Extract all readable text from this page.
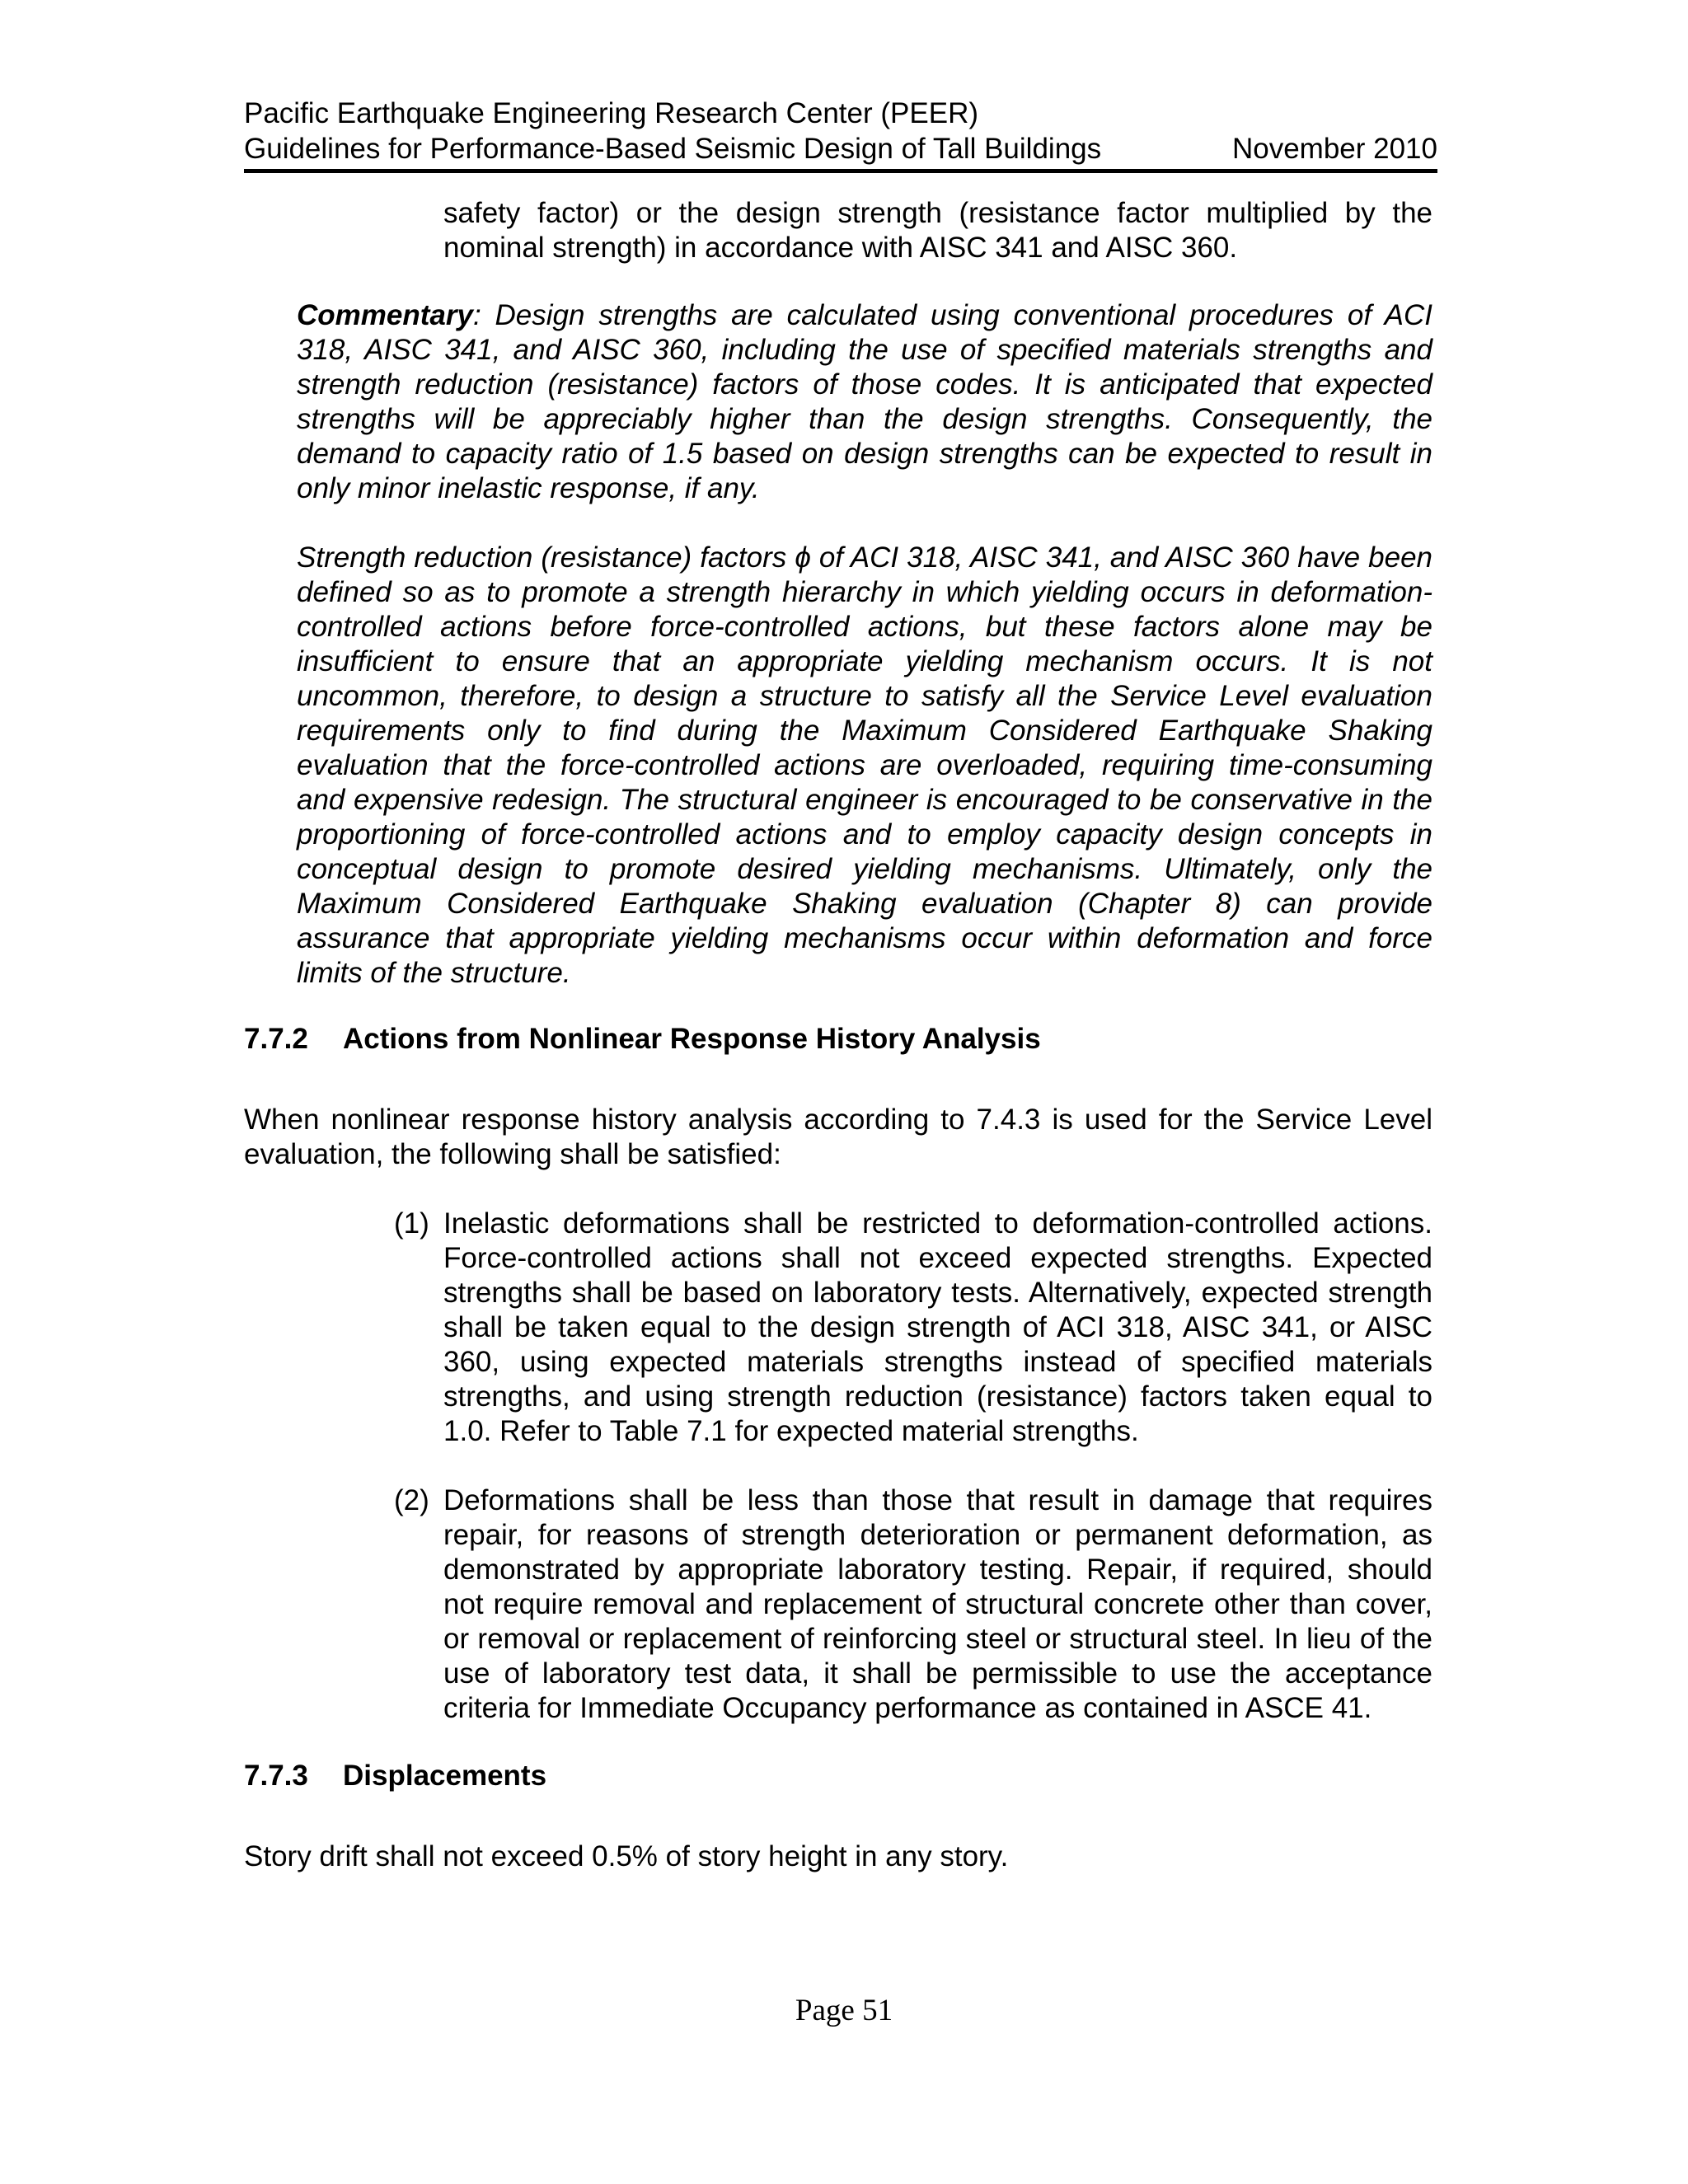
Pacific Earthquake Engineering Research Center (PEER)
Guidelines for Performance-Based Seismic Design of Tall Buildings	November 2010

safety factor) or the design strength (resistance factor multiplied by the nominal strength) in accordance with AISC 341 and AISC 360.

Commentary: Design strengths are calculated using conventional procedures of ACI 318, AISC 341, and AISC 360, including the use of specified materials strengths and strength reduction (resistance) factors of those codes. It is anticipated that expected strengths will be appreciably higher than the design strengths. Consequently, the demand to capacity ratio of 1.5 based on design strengths can be expected to result in only minor inelastic response, if any.

Strength reduction (resistance) factors ϕ of ACI 318, AISC 341, and AISC 360 have been defined so as to promote a strength hierarchy in which yielding occurs in deformation-controlled actions before force-controlled actions, but these factors alone may be insufficient to ensure that an appropriate yielding mechanism occurs. It is not uncommon, therefore, to design a structure to satisfy all the Service Level evaluation requirements only to find during the Maximum Considered Earthquake Shaking evaluation that the force-controlled actions are overloaded, requiring time-consuming and expensive redesign. The structural engineer is encouraged to be conservative in the proportioning of force-controlled actions and to employ capacity design concepts in conceptual design to promote desired yielding mechanisms. Ultimately, only the Maximum Considered Earthquake Shaking evaluation (Chapter 8) can provide assurance that appropriate yielding mechanisms occur within deformation and force limits of the structure.

7.7.2	Actions from Nonlinear Response History Analysis

When nonlinear response history analysis according to 7.4.3 is used for the Service Level evaluation, the following shall be satisfied:

(1) Inelastic deformations shall be restricted to deformation-controlled actions. Force-controlled actions shall not exceed expected strengths. Expected strengths shall be based on laboratory tests. Alternatively, expected strength shall be taken equal to the design strength of ACI 318, AISC 341, or AISC 360, using expected materials strengths instead of specified materials strengths, and using strength reduction (resistance) factors taken equal to 1.0. Refer to Table 7.1 for expected material strengths.

(2) Deformations shall be less than those that result in damage that requires repair, for reasons of strength deterioration or permanent deformation, as demonstrated by appropriate laboratory testing. Repair, if required, should not require removal and replacement of structural concrete other than cover, or removal or replacement of reinforcing steel or structural steel. In lieu of the use of laboratory test data, it shall be permissible to use the acceptance criteria for Immediate Occupancy performance as contained in ASCE 41.

7.7.3	Displacements

Story drift shall not exceed 0.5% of story height in any story.

Page 51
